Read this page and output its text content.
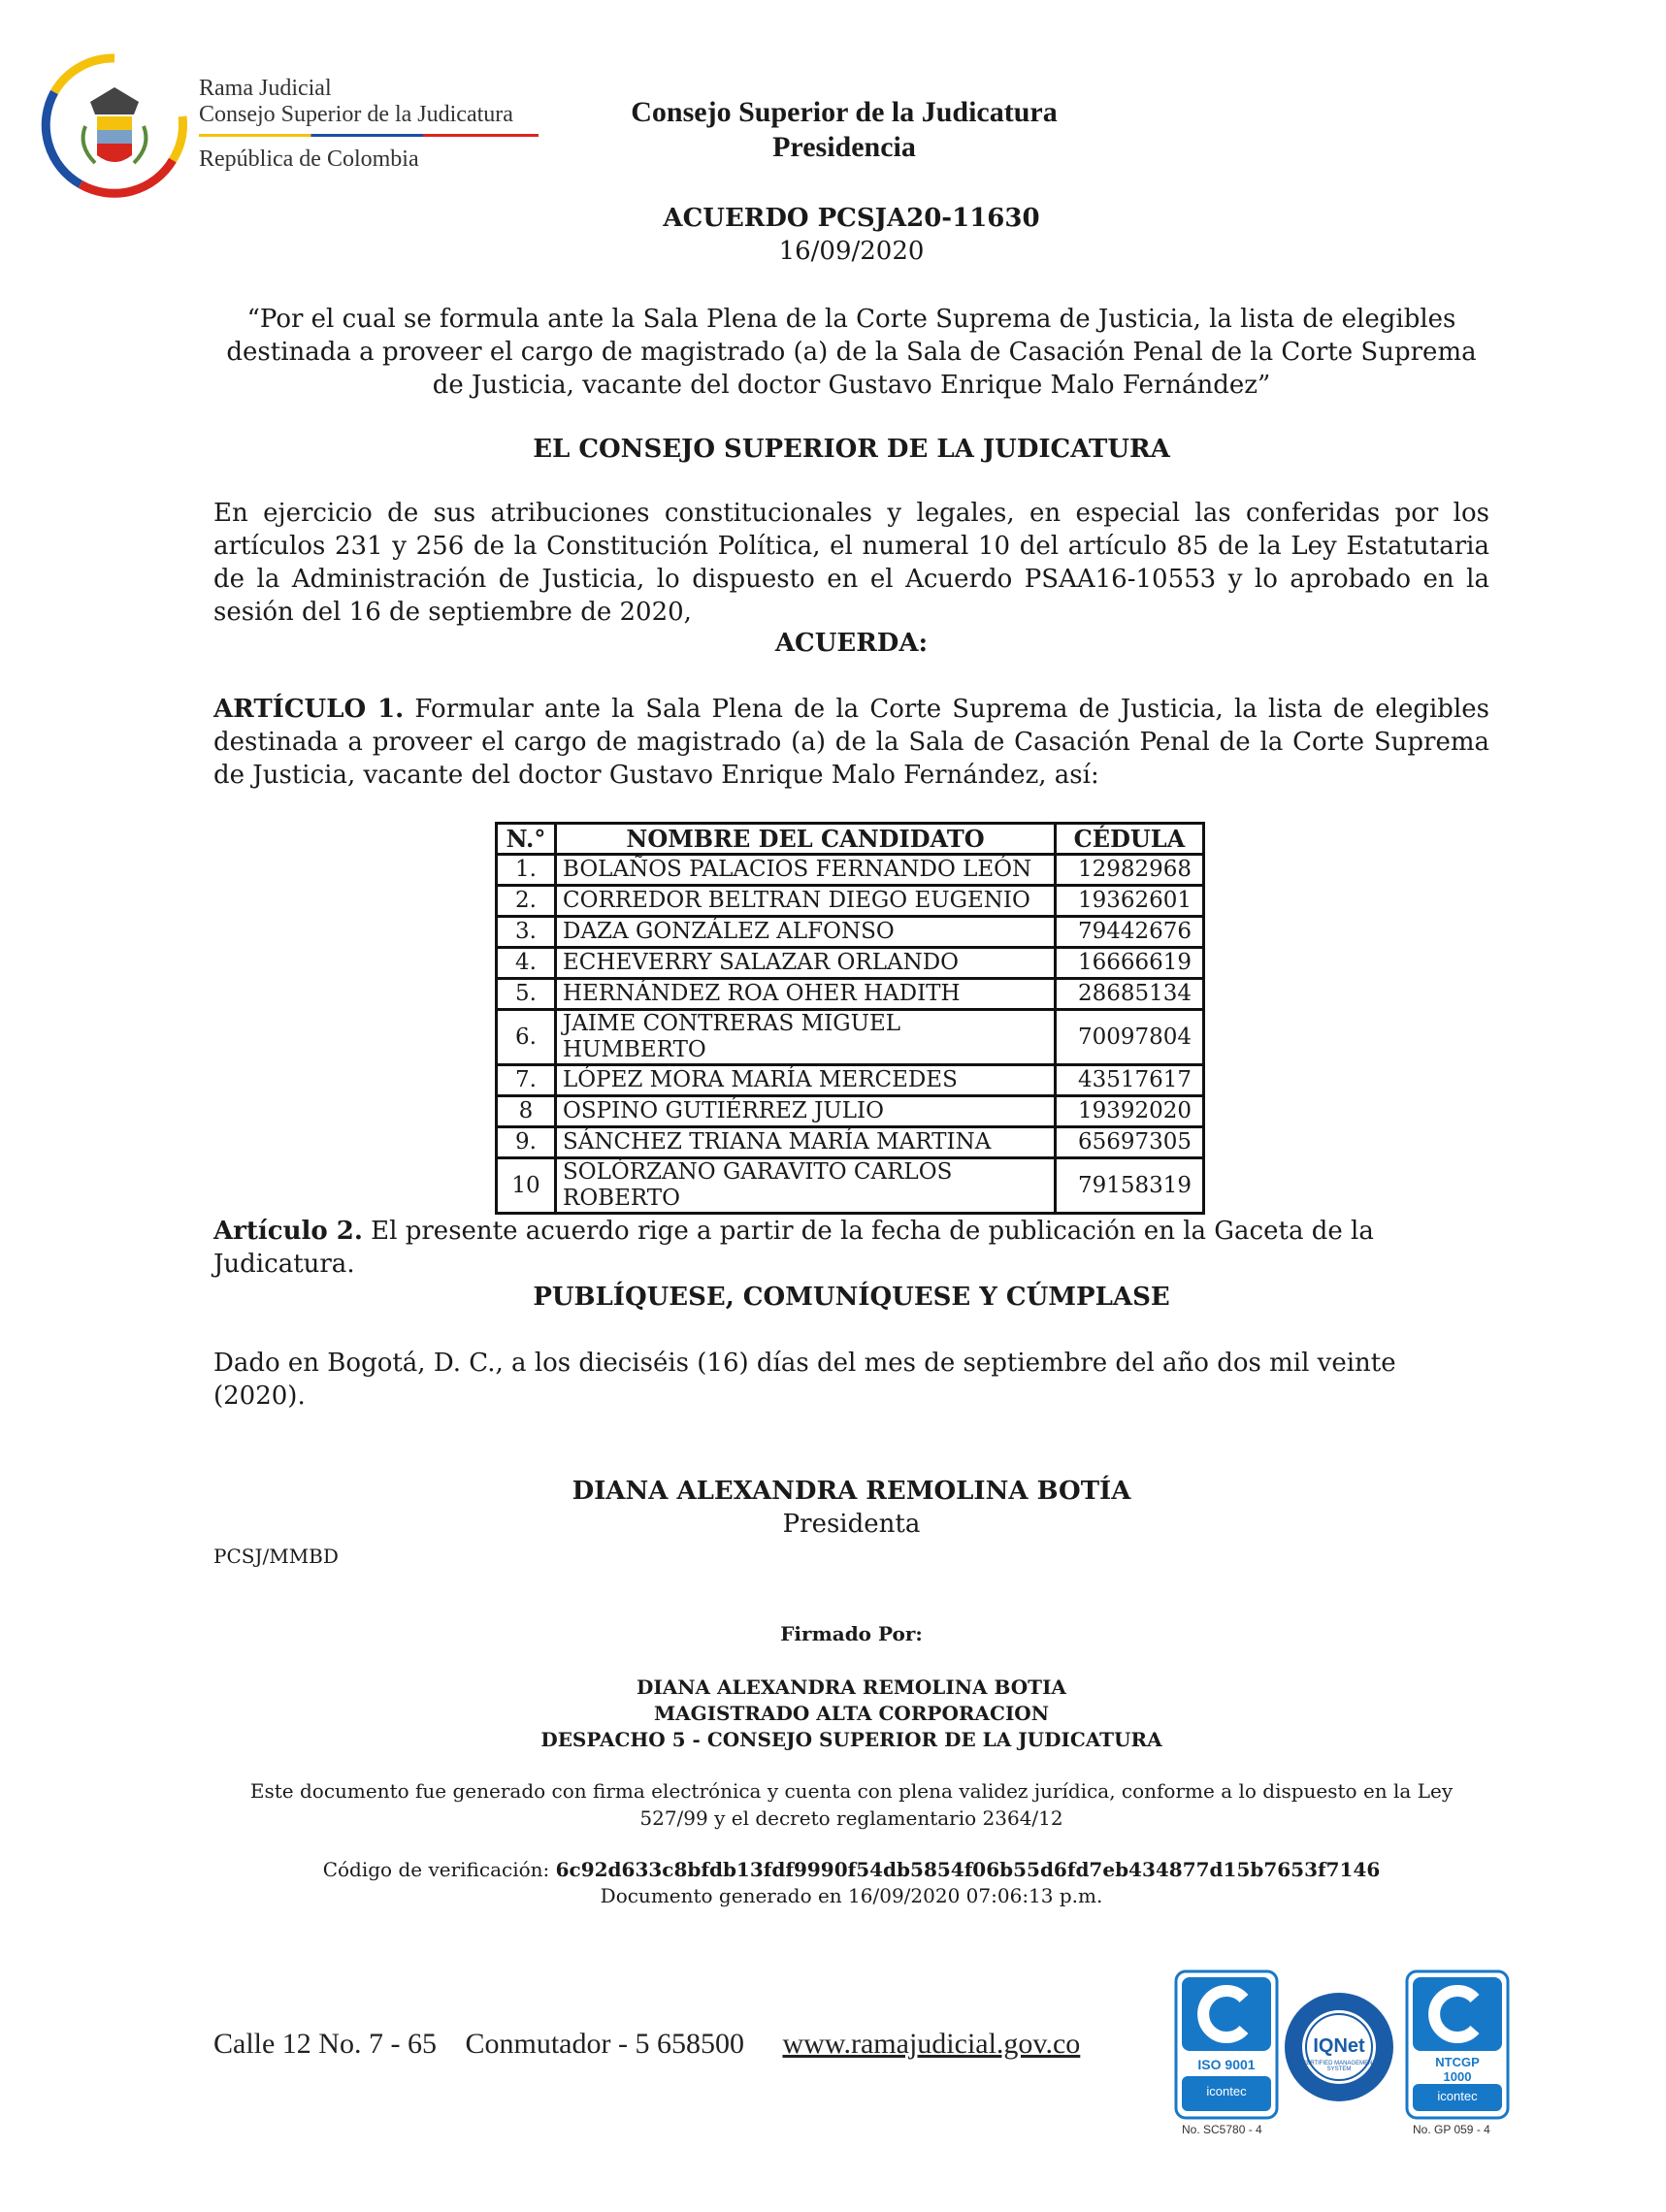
Rama Judicial
Consejo Superior de la Judicatura
República de Colombia
Consejo Superior de la Judicatura
Presidencia
ACUERDO PCSJA20-11630
16/09/2020
“Por el cual se formula ante la Sala Plena de la Corte Suprema de Justicia, la lista de elegibles destinada a proveer el cargo de magistrado (a) de la Sala de Casación Penal de la Corte Suprema de Justicia, vacante del doctor Gustavo Enrique Malo Fernández”
EL CONSEJO SUPERIOR DE LA JUDICATURA
En ejercicio de sus atribuciones constitucionales y legales, en especial las conferidas por los artículos 231 y 256 de la Constitución Política, el numeral 10 del artículo 85 de la Ley Estatutaria de la Administración de Justicia, lo dispuesto en el Acuerdo PSAA16-10553 y lo aprobado en la sesión del 16 de septiembre de 2020,
ACUERDA:
ARTÍCULO 1. Formular ante la Sala Plena de la Corte Suprema de Justicia, la lista de elegibles destinada a proveer el cargo de magistrado (a) de la Sala de Casación Penal de la Corte Suprema de Justicia, vacante del doctor Gustavo Enrique Malo Fernández, así:
N.°	NOMBRE DEL CANDIDATO	CÉDULA
1.	BOLAÑOS PALACIOS FERNANDO LEÓN	12982968
2.	CORREDOR BELTRAN DIEGO EUGENIO	19362601
3.	DAZA GONZÁLEZ ALFONSO	79442676
4.	ECHEVERRY SALAZAR ORLANDO	16666619
5.	HERNÁNDEZ ROA OHER HADITH	28685134
6.	JAIME CONTRERAS MIGUEL HUMBERTO	70097804
7.	LÓPEZ MORA MARÍA MERCEDES	43517617
8	OSPINO GUTIÉRREZ JULIO	19392020
9.	SÁNCHEZ TRIANA MARÍA MARTINA	65697305
10	SOLÓRZANO GARAVITO CARLOS ROBERTO	79158319
Artículo 2. El presente acuerdo rige a partir de la fecha de publicación en la Gaceta de la Judicatura.
PUBLÍQUESE, COMUNÍQUESE Y CÚMPLASE
Dado en Bogotá, D. C., a los dieciséis (16) días del mes de septiembre del año dos mil veinte (2020).
DIANA ALEXANDRA REMOLINA BOTÍA
Presidenta
PCSJ/MMBD
Firmado Por:
DIANA ALEXANDRA REMOLINA BOTIA
MAGISTRADO ALTA CORPORACION
DESPACHO 5 - CONSEJO SUPERIOR DE LA JUDICATURA
Este documento fue generado con firma electrónica y cuenta con plena validez jurídica, conforme a lo dispuesto en la Ley 527/99 y el decreto reglamentario 2364/12
Código de verificación: 6c92d633c8bfdb13fdf9990f54db5854f06b55d6fd7eb434877d15b7653f7146
Documento generado en 16/09/2020 07:06:13 p.m.
Calle 12 No. 7 - 65 Conmutador - 5 658500 www.ramajudicial.gov.co
ISO 9001
icontec
No. SC5780 - 4
IQNet
CERTIFIED MANAGEMENT SYSTEM	NTCGP 1000
icontec
No. GP 059 - 4
